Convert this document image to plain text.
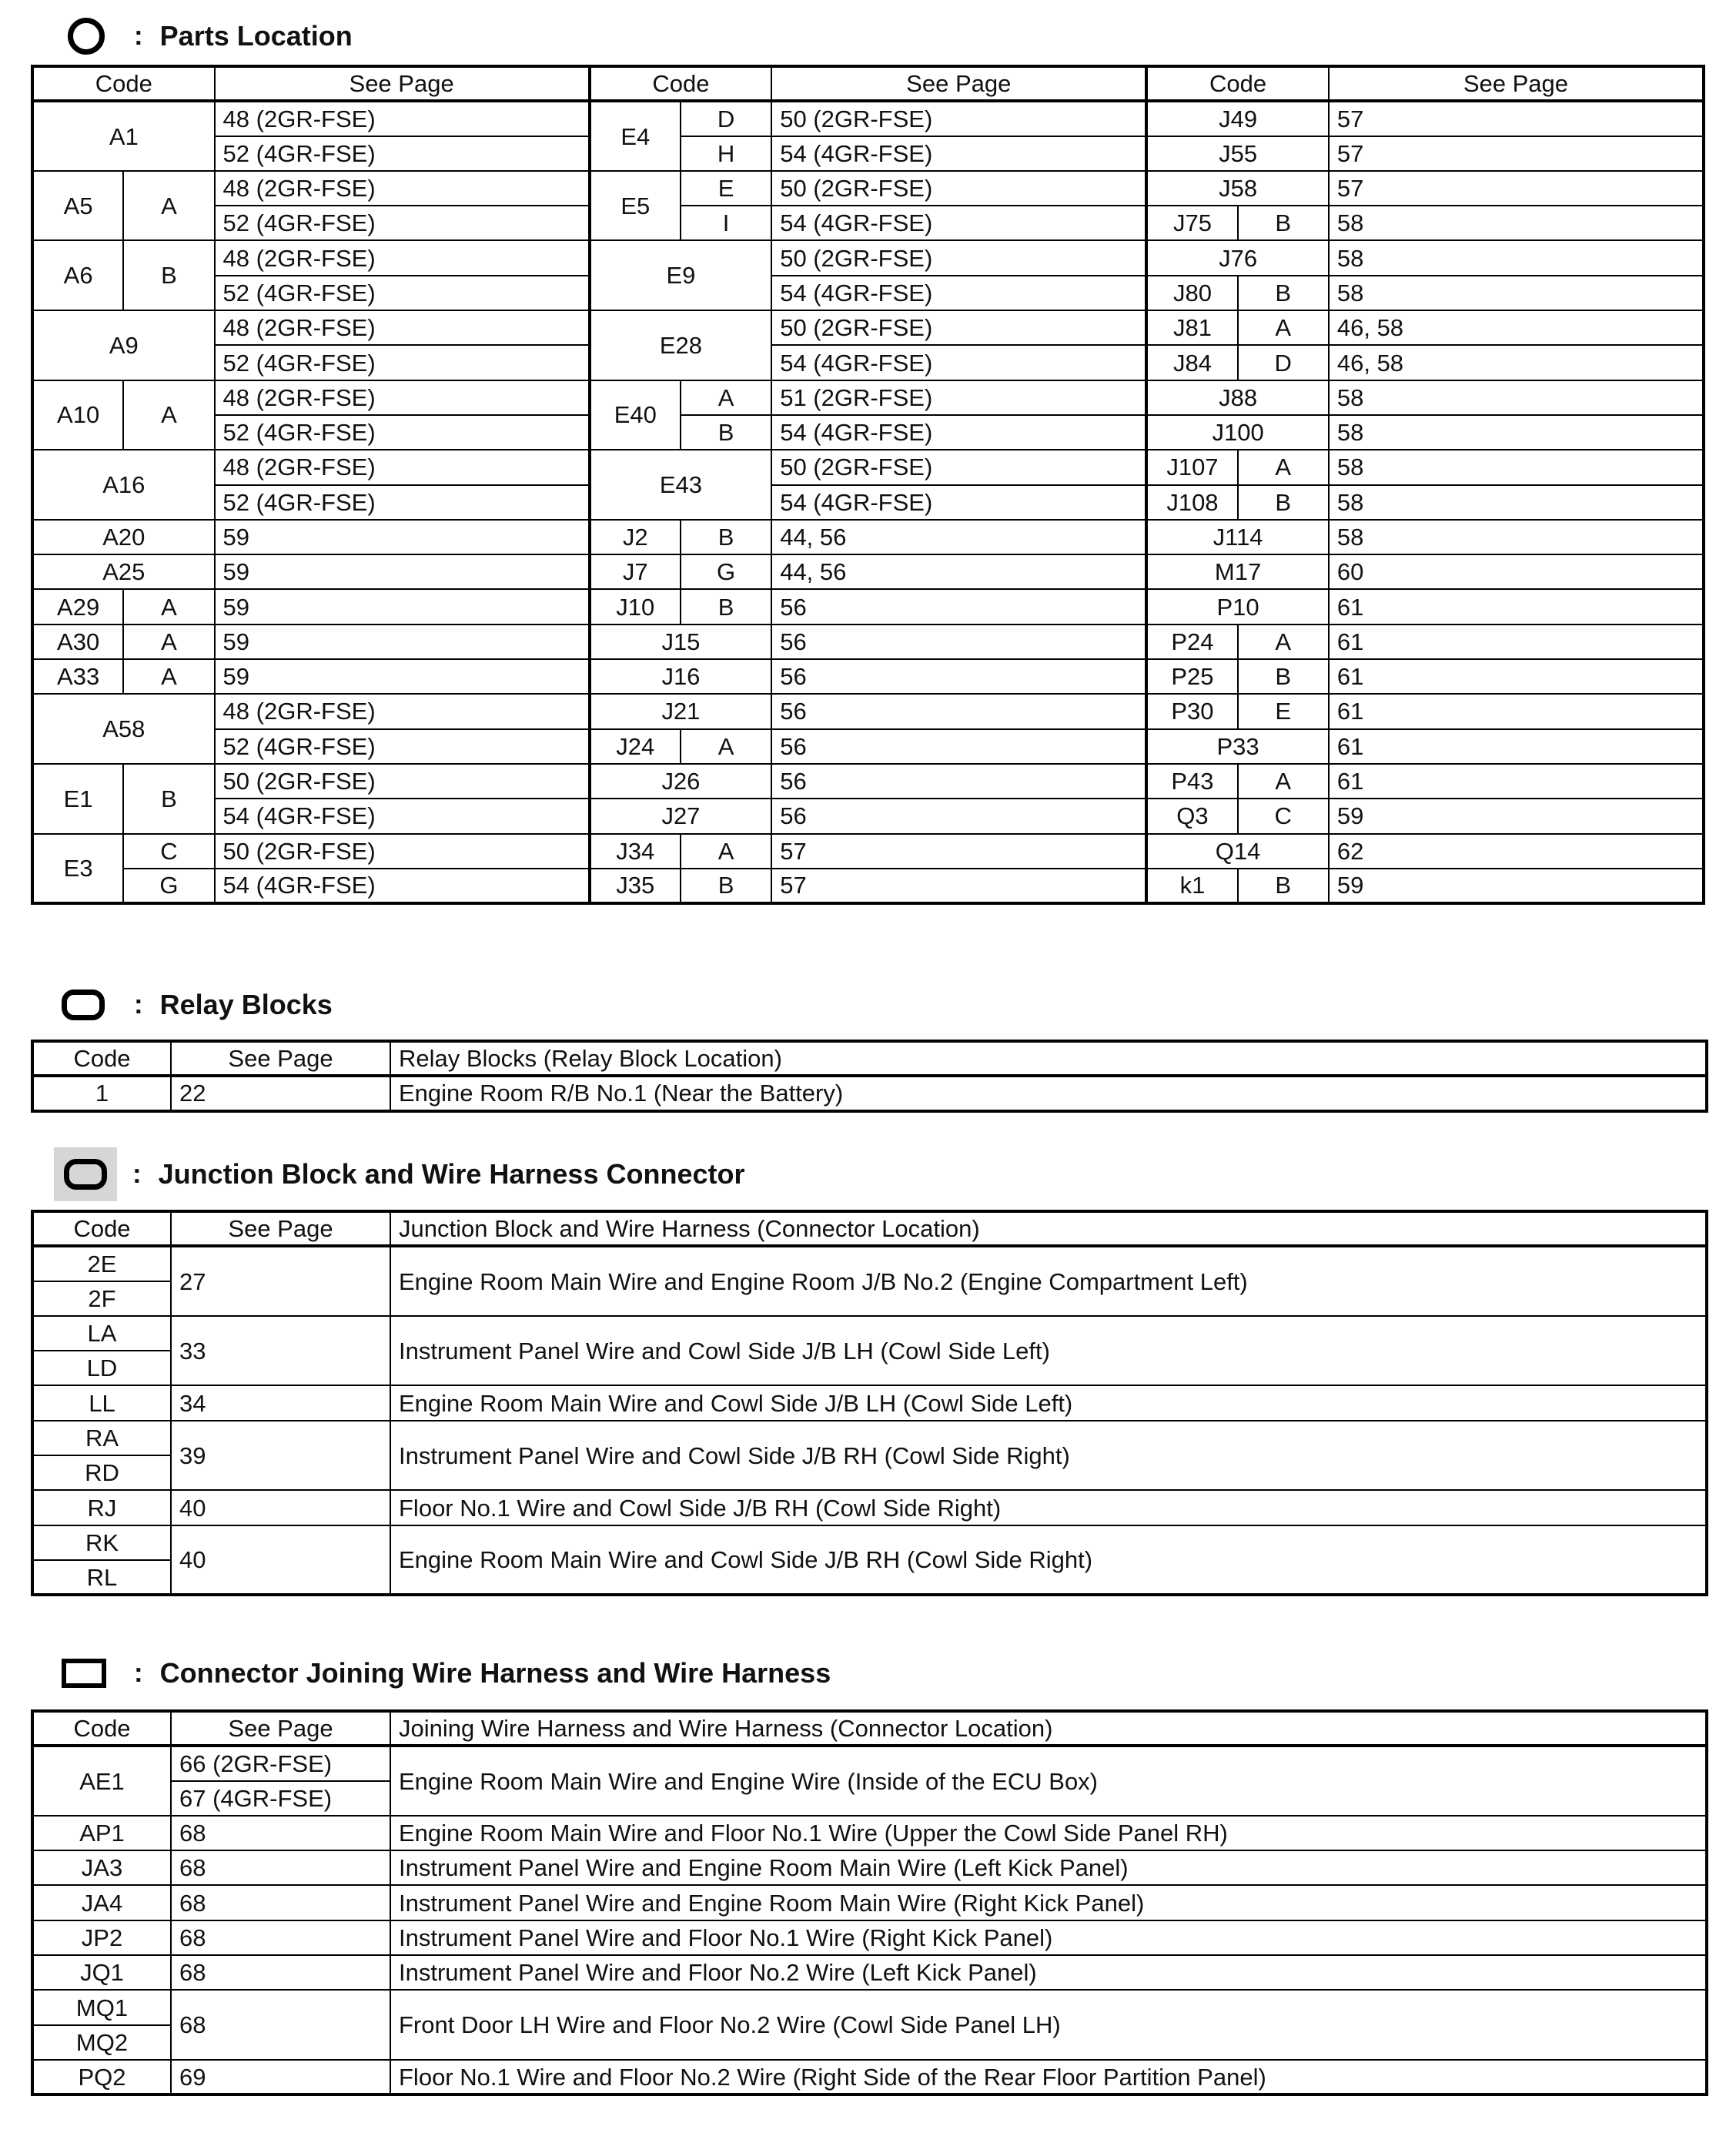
: Parts Location
Code		See Page	Code		See Page	Code		See Page
A1		48 (2GR-FSE)	E4	D	50 (2GR-FSE)	J49		57
		52 (4GR-FSE)		H	54 (4GR-FSE)	J55		57
A5	A	48 (2GR-FSE)	E5	E	50 (2GR-FSE)	J58		57
		52 (4GR-FSE)		I	54 (4GR-FSE)	J75	B	58
A6	B	48 (2GR-FSE)	E9		50 (2GR-FSE)	J76		58
		52 (4GR-FSE)			54 (4GR-FSE)	J80	B	58
A9		48 (2GR-FSE)	E28		50 (2GR-FSE)	J81	A	46, 58
		52 (4GR-FSE)			54 (4GR-FSE)	J84	D	46, 58
A10	A	48 (2GR-FSE)	E40	A	51 (2GR-FSE)	J88		58
		52 (4GR-FSE)		B	54 (4GR-FSE)	J100		58
A16		48 (2GR-FSE)	E43		50 (2GR-FSE)	J107	A	58
		52 (4GR-FSE)			54 (4GR-FSE)	J108	B	58
A20		59	J2	B	44, 56	J114		58
A25		59	J7	G	44, 56	M17		60
A29	A	59	J10	B	56	P10		61
A30	A	59	J15		56	P24	A	61
A33	A	59	J16		56	P25	B	61
A58		48 (2GR-FSE)	J21		56	P30	E	61
		52 (4GR-FSE)	J24	A	56	P33		61
E1	B	50 (2GR-FSE)	J26		56	P43	A	61
		54 (4GR-FSE)	J27		56	Q3	C	59
E3	C	50 (2GR-FSE)	J34	A	57	Q14		62
	G	54 (4GR-FSE)	J35	B	57	k1	B	59
: Relay Blocks
Code	See Page	Relay Blocks (Relay Block Location)
1	22	Engine Room R/B No.1 (Near the Battery)
: Junction Block and Wire Harness Connector
Code	See Page	Junction Block and Wire Harness (Connector Location)
2E	27	Engine Room Main Wire and Engine Room J/B No.2 (Engine Compartment Left)
2F		
LA	33	Instrument Panel Wire and Cowl Side J/B LH (Cowl Side Left)
LD		
LL	34	Engine Room Main Wire and Cowl Side J/B LH (Cowl Side Left)
RA	39	Instrument Panel Wire and Cowl Side J/B RH (Cowl Side Right)
RD		
RJ	40	Floor No.1 Wire and Cowl Side J/B RH (Cowl Side Right)
RK	40	Engine Room Main Wire and Cowl Side J/B RH (Cowl Side Right)
RL		
: Connector Joining Wire Harness and Wire Harness
Code	See Page	Joining Wire Harness and Wire Harness (Connector Location)
AE1	66 (2GR-FSE)	Engine Room Main Wire and Engine Wire (Inside of the ECU Box)
	67 (4GR-FSE)	
AP1	68	Engine Room Main Wire and Floor No.1 Wire (Upper the Cowl Side Panel RH)
JA3	68	Instrument Panel Wire and Engine Room Main Wire (Left Kick Panel)
JA4	68	Instrument Panel Wire and Engine Room Main Wire (Right Kick Panel)
JP2	68	Instrument Panel Wire and Floor No.1 Wire (Right Kick Panel)
JQ1	68	Instrument Panel Wire and Floor No.2 Wire (Left Kick Panel)
MQ1	68	Front Door LH Wire and Floor No.2 Wire (Cowl Side Panel LH)
MQ2		
PQ2	69	Floor No.1 Wire and Floor No.2 Wire (Right Side of the Rear Floor Partition Panel)
